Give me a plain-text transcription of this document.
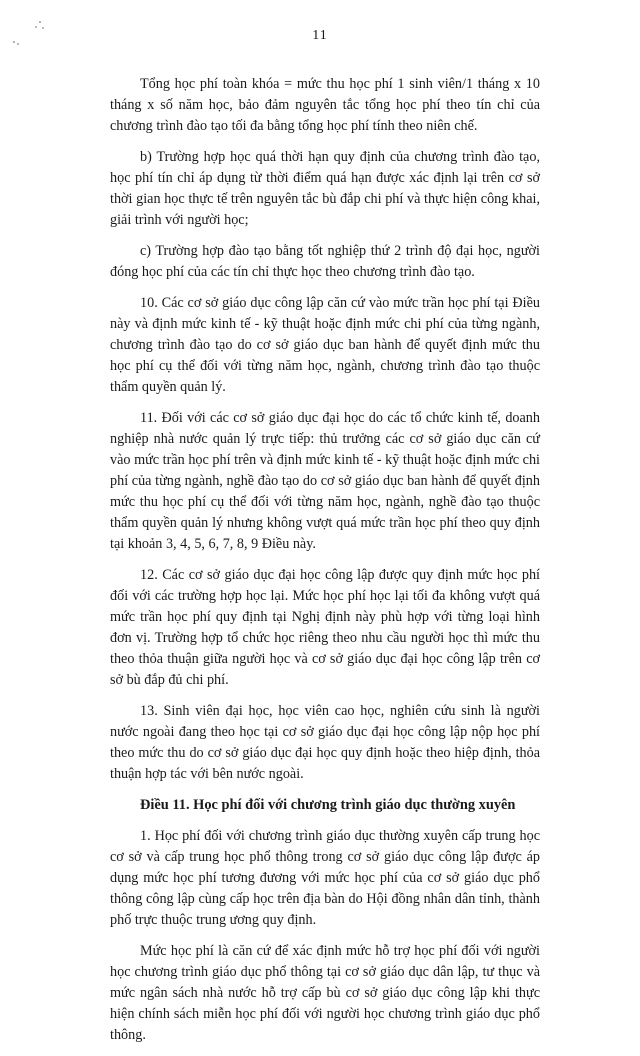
11

Tổng học phí toàn khóa = mức thu học phí 1 sinh viên/1 tháng x 10 tháng x số năm học, bảo đảm nguyên tắc tổng học phí theo tín chỉ của chương trình đào tạo tối đa bằng tổng học phí tính theo niên chế.

b) Trường hợp học quá thời hạn quy định của chương trình đào tạo, học phí tín chỉ áp dụng từ thời điểm quá hạn được xác định lại trên cơ sở thời gian học thực tế trên nguyên tắc bù đắp chi phí và thực hiện công khai, giải trình với người học;

c) Trường hợp đào tạo bằng tốt nghiệp thứ 2 trình độ đại học, người đóng học phí của các tín chỉ thực học theo chương trình đào tạo.

10. Các cơ sở giáo dục công lập căn cứ vào mức trần học phí tại Điều này và định mức kinh tế - kỹ thuật hoặc định mức chi phí của từng ngành, chương trình đào tạo do cơ sở giáo dục ban hành để quyết định mức thu học phí cụ thể đối với từng năm học, ngành, chương trình đào tạo thuộc thẩm quyền quản lý.

11. Đối với các cơ sở giáo dục đại học do các tổ chức kinh tế, doanh nghiệp nhà nước quản lý trực tiếp: thủ trưởng các cơ sở giáo dục căn cứ vào mức trần học phí trên và định mức kinh tế - kỹ thuật hoặc định mức chi phí của từng ngành, nghề đào tạo do cơ sở giáo dục ban hành để quyết định mức thu học phí cụ thể đối với từng năm học, ngành, nghề đào tạo thuộc thẩm quyền quản lý nhưng không vượt quá mức trần học phí theo quy định tại khoản 3, 4, 5, 6, 7, 8, 9 Điều này.

12. Các cơ sở giáo dục đại học công lập được quy định mức học phí đối với các trường hợp học lại. Mức học phí học lại tối đa không vượt quá mức trần học phí quy định tại Nghị định này phù hợp với từng loại hình đơn vị. Trường hợp tổ chức học riêng theo nhu cầu người học thì mức thu theo thỏa thuận giữa người học và cơ sở giáo dục đại học công lập trên cơ sở bù đắp đủ chi phí.

13. Sinh viên đại học, học viên cao học, nghiên cứu sinh là người nước ngoài đang theo học tại cơ sở giáo dục đại học công lập nộp học phí theo mức thu do cơ sở giáo dục đại học quy định hoặc theo hiệp định, thỏa thuận hợp tác với bên nước ngoài.

Điều 11. Học phí đối với chương trình giáo dục thường xuyên

1. Học phí đối với chương trình giáo dục thường xuyên cấp trung học cơ sở và cấp trung học phổ thông trong cơ sở giáo dục công lập được áp dụng mức học phí tương đương với mức học phí của cơ sở giáo dục phổ thông công lập cùng cấp học trên địa bàn do Hội đồng nhân dân tỉnh, thành phố trực thuộc trung ương quy định.

Mức học phí là căn cứ để xác định mức hỗ trợ học phí đối với người học chương trình giáo dục phổ thông tại cơ sở giáo dục dân lập, tư thục và mức ngân sách nhà nước hỗ trợ cấp bù cơ sở giáo dục công lập khi thực hiện chính sách miễn học phí đối với người học chương trình giáo dục phổ thông.
